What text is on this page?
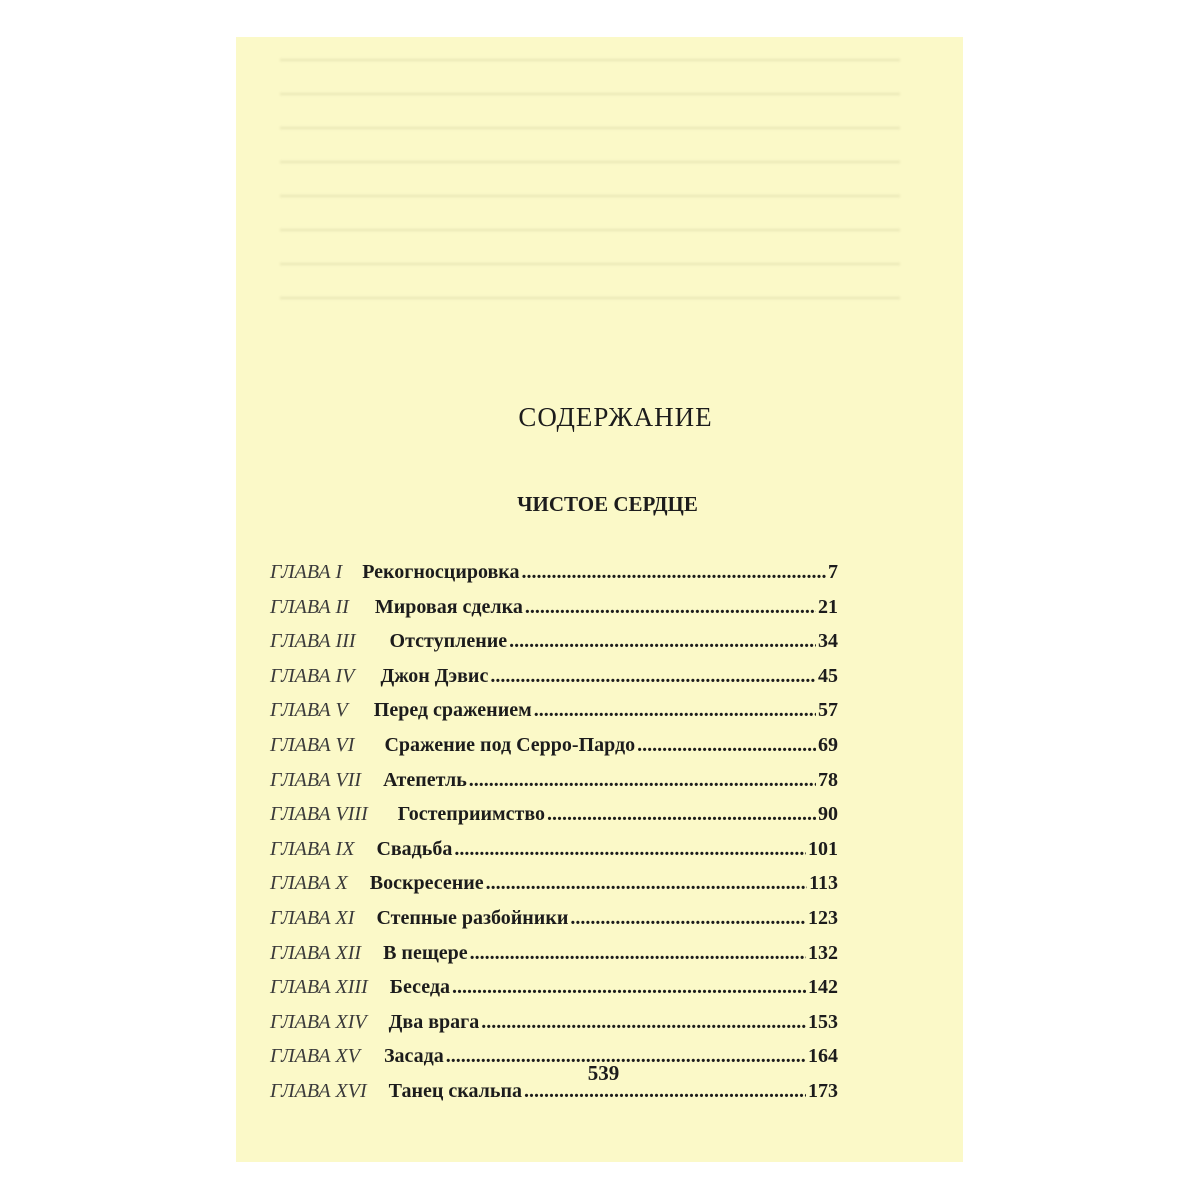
СОДЕРЖАНИЕ
ЧИСТОЕ СЕРДЦЕ
ГЛАВА I Рекогносцировка .....	7
ГЛАВА II Мировая сделка .....	21
ГЛАВА III Отступление .....	34
ГЛАВА IV Джон Дэвис .....	45
ГЛАВА V Перед сражением .....	57
ГЛАВА VI Сражение под Серро-Пардо .....	69
ГЛАВА VII Атепетль .....	78
ГЛАВА VIII Гостеприимство .....	90
ГЛАВА IX Свадьба .....	101
ГЛАВА X Воскресение .....	113
ГЛАВА XI Степные разбойники .....	123
ГЛАВА XII В пещере .....	132
ГЛАВА XIII Беседа .....	142
ГЛАВА XIV Два врага .....	153
ГЛАВА XV Засада .....	164
ГЛАВА XVI Танец скальпа .....	173
539
